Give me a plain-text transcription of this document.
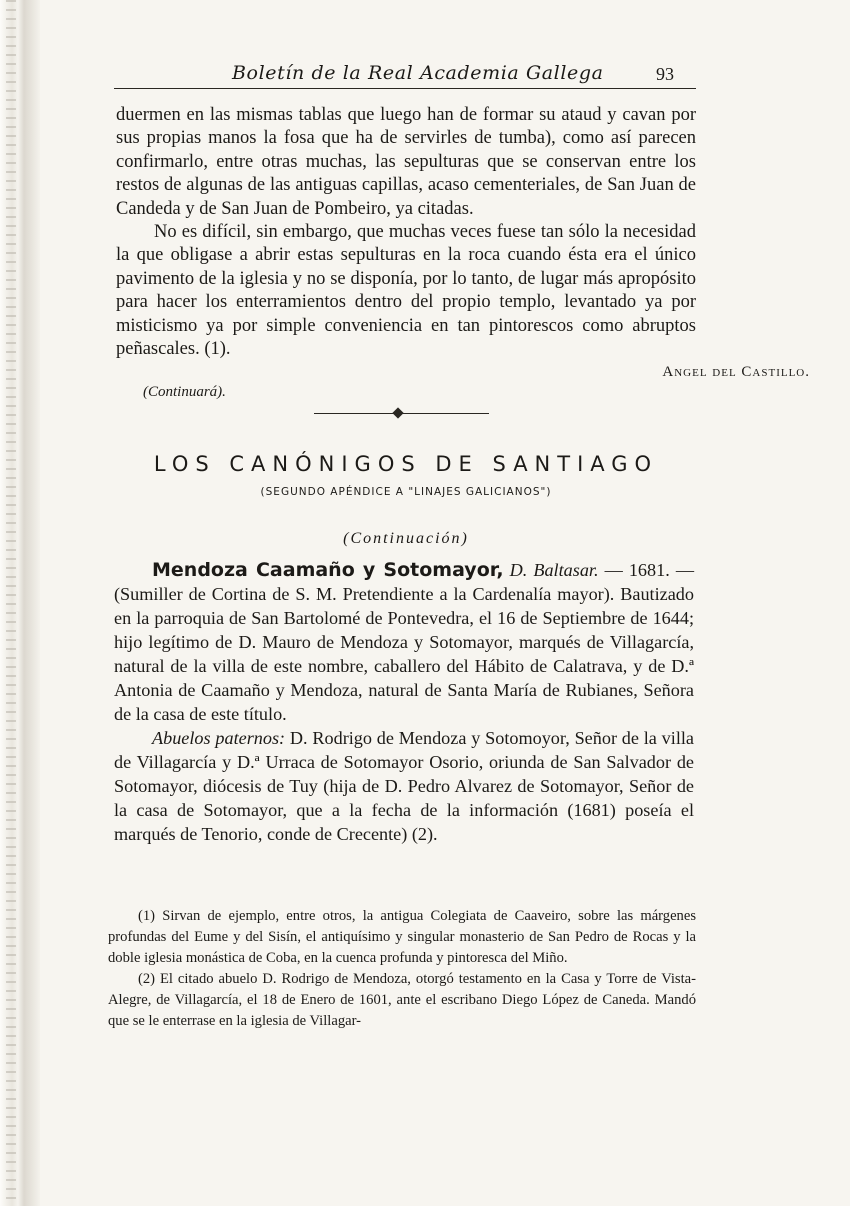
Boletín de la Real Academia Gallega	93

duermen en las mismas tablas que luego han de formar su ataud y cavan por sus propias manos la fosa que ha de servirles de tumba), como así parecen confirmarlo, entre otras muchas, las sepulturas que se conservan entre los restos de algunas de las antiguas capillas, acaso cementeriales, de San Juan de Candeda y de San Juan de Pombeiro, ya citadas.

No es difícil, sin embargo, que muchas veces fuese tan sólo la necesidad la que obligase a abrir estas sepulturas en la roca cuando ésta era el único pavimento de la iglesia y no se disponía, por lo tanto, de lugar más apropósito para hacer los enterramientos dentro del propio templo, levantado ya por misticismo ya por simple conveniencia en tan pintorescos como abruptos peñascales. (1).

Angel del Castillo.
(Continuará).
LOS CANÓNIGOS DE SANTIAGO
(SEGUNDO APÉNDICE A "LINAJES GALICIANOS")
(Continuación)

Mendoza Caamaño y Sotomayor, D. Baltasar. — 1681. — (Sumiller de Cortina de S. M. Pretendiente a la Cardenalía mayor). Bautizado en la parroquia de San Bartolomé de Pontevedra, el 16 de Septiembre de 1644; hijo legítimo de D. Mauro de Mendoza y Sotomayor, marqués de Villagarcía, natural de la villa de este nombre, caballero del Hábito de Calatrava, y de D.ª Antonia de Caamaño y Mendoza, natural de Santa María de Rubianes, Señora de la casa de este título.

Abuelos paternos: D. Rodrigo de Mendoza y Sotomoyor, Señor de la villa de Villagarcía y D.ª Urraca de Sotomayor Osorio, oriunda de San Salvador de Sotomayor, diócesis de Tuy (hija de D. Pedro Alvarez de Sotomayor, Señor de la casa de Sotomayor, que a la fecha de la información (1681) poseía el marqués de Tenorio, conde de Crecente) (2).

(1) Sirvan de ejemplo, entre otros, la antigua Colegiata de Caaveiro, sobre las márgenes profundas del Eume y del Sisín, el antiquísimo y singular monasterio de San Pedro de Rocas y la doble iglesia monástica de Coba, en la cuenca profunda y pintoresca del Miño.

(2) El citado abuelo D. Rodrigo de Mendoza, otorgó testamento en la Casa y Torre de Vista-Alegre, de Villagarcía, el 18 de Enero de 1601, ante el escribano Diego López de Caneda. Mandó que se le enterrase en la iglesia de Villagar-
